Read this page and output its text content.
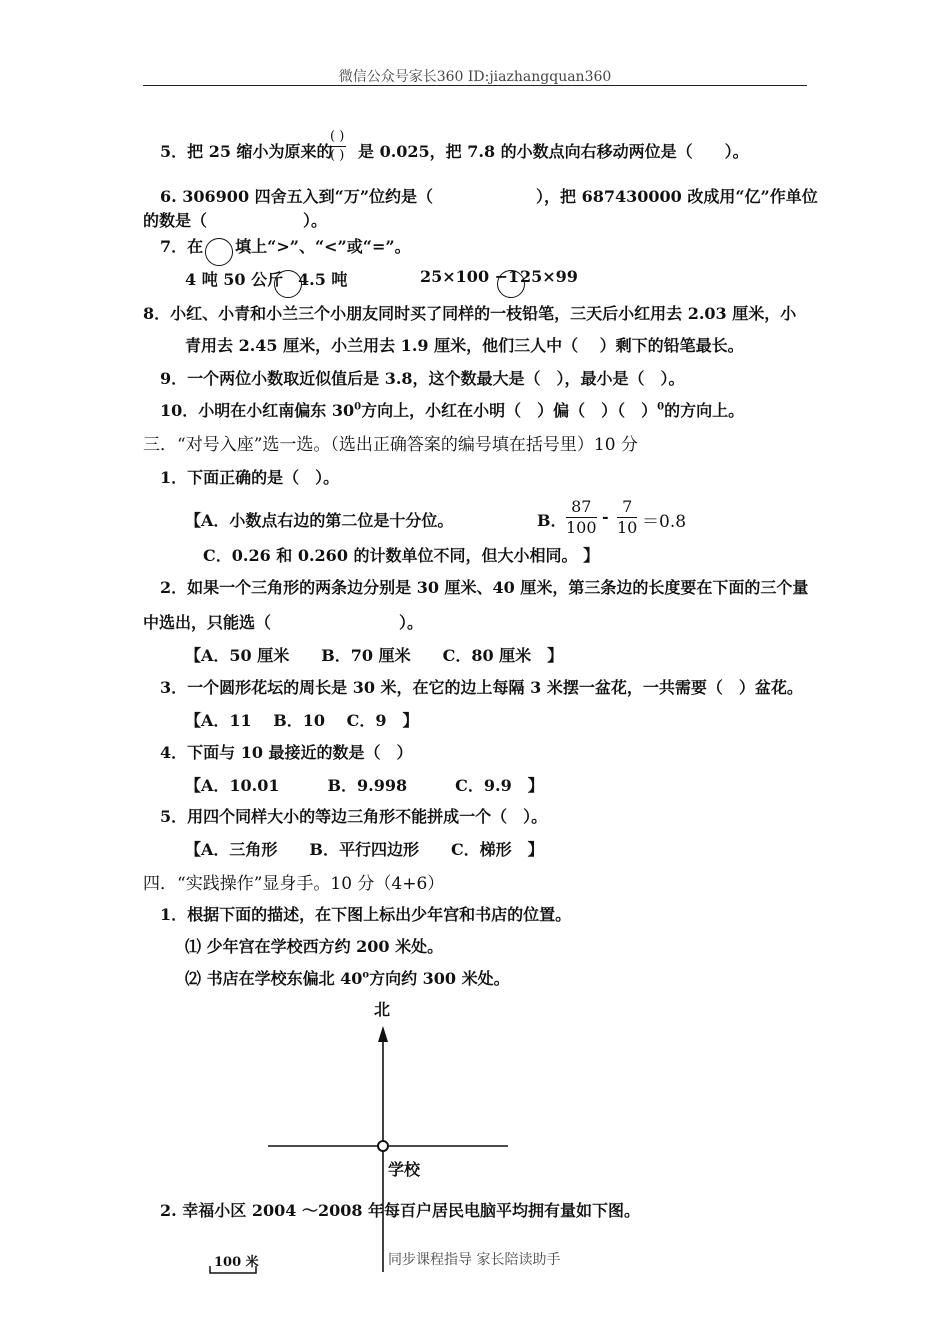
微信公众号家长360 ID:jiazhangquan360
5．把 25 缩小为原来的
( )
( ) 是 0.025，把 7.8 的小数点向右移动两位是（　　）。
6. 306900 四舍五入到“万”位约是（	），把 687430000 改成用“亿”作单位
的数是（　　　　　　）。
7．在　　填上“>”、“<”或“=”。
4 吨 50 公斤 4.5 吨	25×100 −1 25×99
8．小红、小青和小兰三个小朋友同时买了同样的一枝铅笔，三天后小红用去 2.03 厘米，小
青用去 2.45 厘米，小兰用去 1.9 厘米，他们三人中（　 ）剩下的铅笔最长。
9．一个两位小数取近似值后是 3.8，这个数最大是（　），最小是（　）。
10．小明在小红南偏东 $30^0$方向上，小红在小明（　）偏（　）（　）$^0$的方向上。
三．“对号入座”选一选。（选出正确答案的编号填在括号里）10 分
1．下面正确的是（　）。
【A．小数点右边的第二位是十分位。	B． $\frac{87}{100} - \frac{7}{10} =0.8$
C．0.26 和 0.260 的计数单位不同，但大小相同。 】
2．如果一个三角形的两条边分别是 30 厘米、40 厘米，第三条边的长度要在下面的三个量
中选出，只能选（　　　　　　　　）。
【A．50 厘米　　B．70 厘米　　C．80 厘米　】
3．一个圆形花坛的周长是 30 米，在它的边上每隔 3 米摆一盆花，一共需要（　）盆花。
【A．11　 B．10　 C．9　】
4．下面与 10 最接近的数是（　）
【A．10.01　　　B．9.998　　　C．9.9　】
5．用四个同样大小的等边三角形不能拼成一个（　）。
【A．三角形　　B．平行四边形　　C．梯形　】
四．“实践操作”显身手。10 分（4+6）
1．根据下面的描述，在下图上标出少年宫和书店的位置。
⑴ 少年宫在学校西方约 200 米处。
⑵ 书店在学校东偏北 40$^o$方向约 300 米处。
北
学校
2. 幸福小区 2004 ～2008 年每百户居民电脑平均拥有量如下图。
100 米	同步课程指导 家长陪读助手
